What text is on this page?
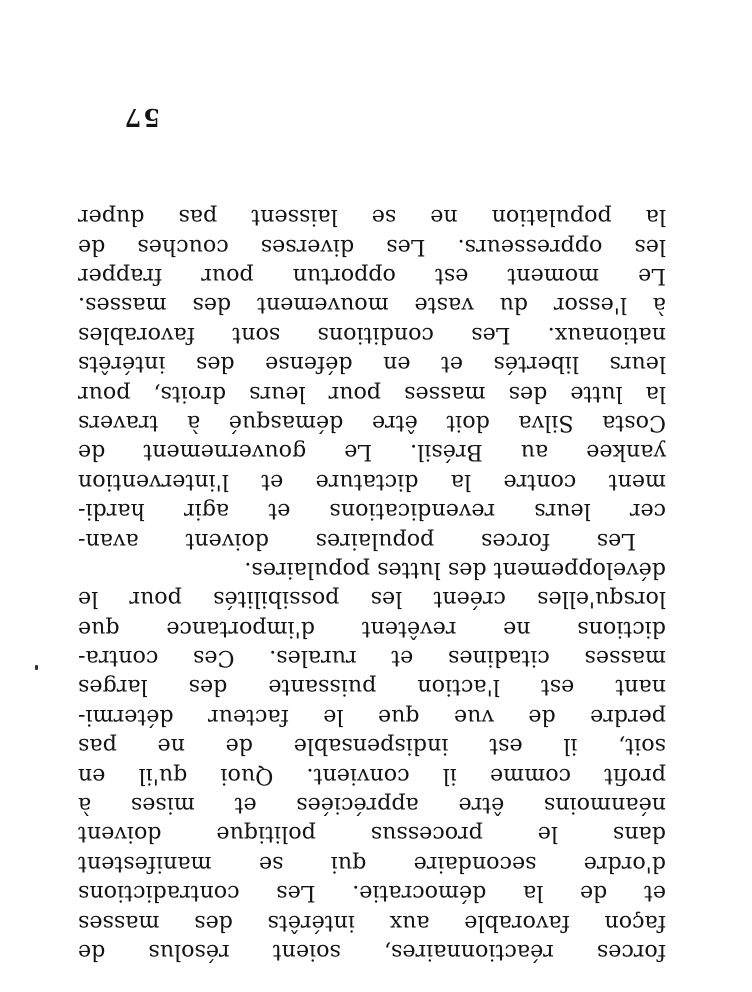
forces réactionnaires, soient résolus de
façon favorable aux intérêts des masses
et de la démocratie. Les contradictions
d'ordre secondaire qui se manifestent
dans le processus politique doivent
néanmoins être appréciées et mises à
profit comme il convient. Quoi qu'il en
soit, il est indispensable de ne pas
perdre de vue que le facteur détermi-
nant est l'action puissante des larges
masses citadines et rurales. Ces contra-
dictions ne revêtent d'importance que
lorsqu'elles créent les possibilités pour le
développement des luttes populaires.
Les forces populaires doivent avan-
cer leurs revendications et agir hardi-
ment contre la dictature et l'intervention
yankee au Brésil. Le gouvernement de
Costa Silva doit être démasqué à travers
la lutte des masses pour leurs droits, pour
leurs libertés et en défense des intérêts
nationaux. Les conditions sont favorables
à l'essor du vaste mouvement des masses.
Le moment est opportun pour frapper
les oppresseurs. Les diverses couches de
la population ne se laissent pas duper
57
